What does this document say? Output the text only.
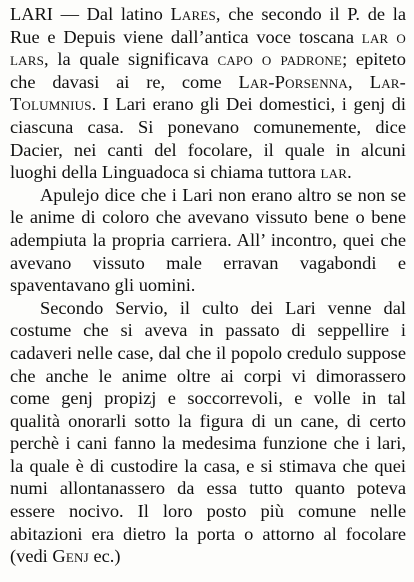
LARI — Dal latino Lares, che secondo il P. de la Rue e Depuis viene dall’antica voce toscana lar o lars, la quale significava capo o padrone; epiteto che davasi ai re, come Lar-Porsenna, Lar-Tolumnius. I Lari erano gli Dei domestici, i genj di ciascuna casa. Si ponevano comunemente, dice Dacier, nei canti del focolare, il quale in alcuni luoghi della Linguadoca si chiama tuttora lar.

Apulejo dice che i Lari non erano altro se non se le anime di coloro che avevano vissuto bene o bene adempiuta la propria carriera. All’ incontro, quei che avevano vissuto male erravan vagabondi e spaventavano gli uomini.

Secondo Servio, il culto dei Lari venne dal costume che si aveva in passato di seppellire i cadaveri nelle case, dal che il popolo credulo suppose che anche le anime oltre ai corpi vi dimorassero come genj propizj e soccorrevoli, e volle in tal qualità onorarli sotto la figura di un cane, di certo perchè i cani fanno la medesima funzione che i lari, la quale è di custodire la casa, e si stimava che quei numi allontanassero da essa tutto quanto poteva essere nocivo. Il loro posto più comune nelle abitazioni era dietro la porta o attorno al focolare (vedi Genj ec.)
